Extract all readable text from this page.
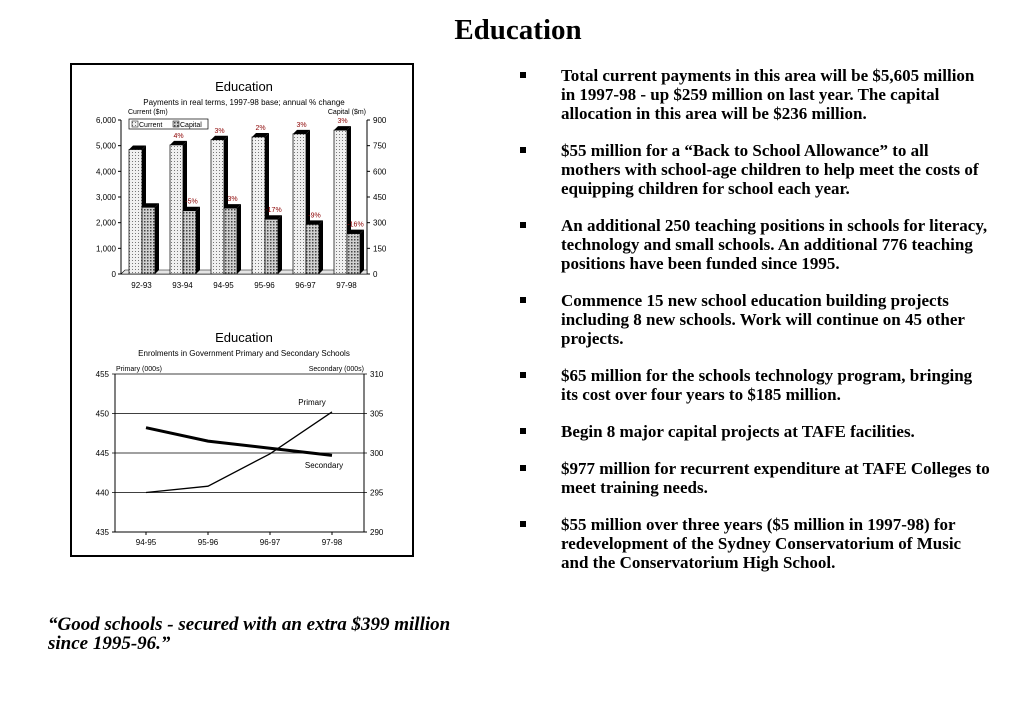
Education
Education
Payments in real terms, 1997-98 base; annual % change
Current ($m)	Capital ($m)
0
1,000
2,000
3,000
4,000
5,000
6,000
0
150
300
450
600
750
900
92-93
4%
-5%
93-94
3%
3%
94-95
2%
-17%
95-96
3%
-9%
96-97
3%
-16%
97-98
Current	Capital
Education
Enrolments in Government Primary and Secondary Schools
Primary (000s)	Secondary (000s)
435
440
445
450
455
290
295
300
305
310
94-95	95-96	96-97	97-98
Primary
Secondary
“Good schools - secured with an extra $399 million since 1995-96.”
Total current payments in this area will be $5,605 million in 1997-98 - up $259 million on last year. The capital allocation in this area will be $236 million.
$55 million for a “Back to School Allowance” to all mothers with school-age children to help meet the costs of equipping children for school each year.
An additional 250 teaching positions in schools for literacy, technology and small schools. An additional 776 teaching positions have been funded since 1995.
Commence 15 new school education building projects including 8 new schools. Work will continue on 45 other projects.
$65 million for the schools technology program, bringing its cost over four years to $185 million.
Begin 8 major capital projects at TAFE facilities.
$977 million for recurrent expenditure at TAFE Colleges to meet training needs.
$55 million over three years ($5 million in 1997-98) for redevelopment of the Sydney Conservatorium of Music and the Conservatorium High School.
